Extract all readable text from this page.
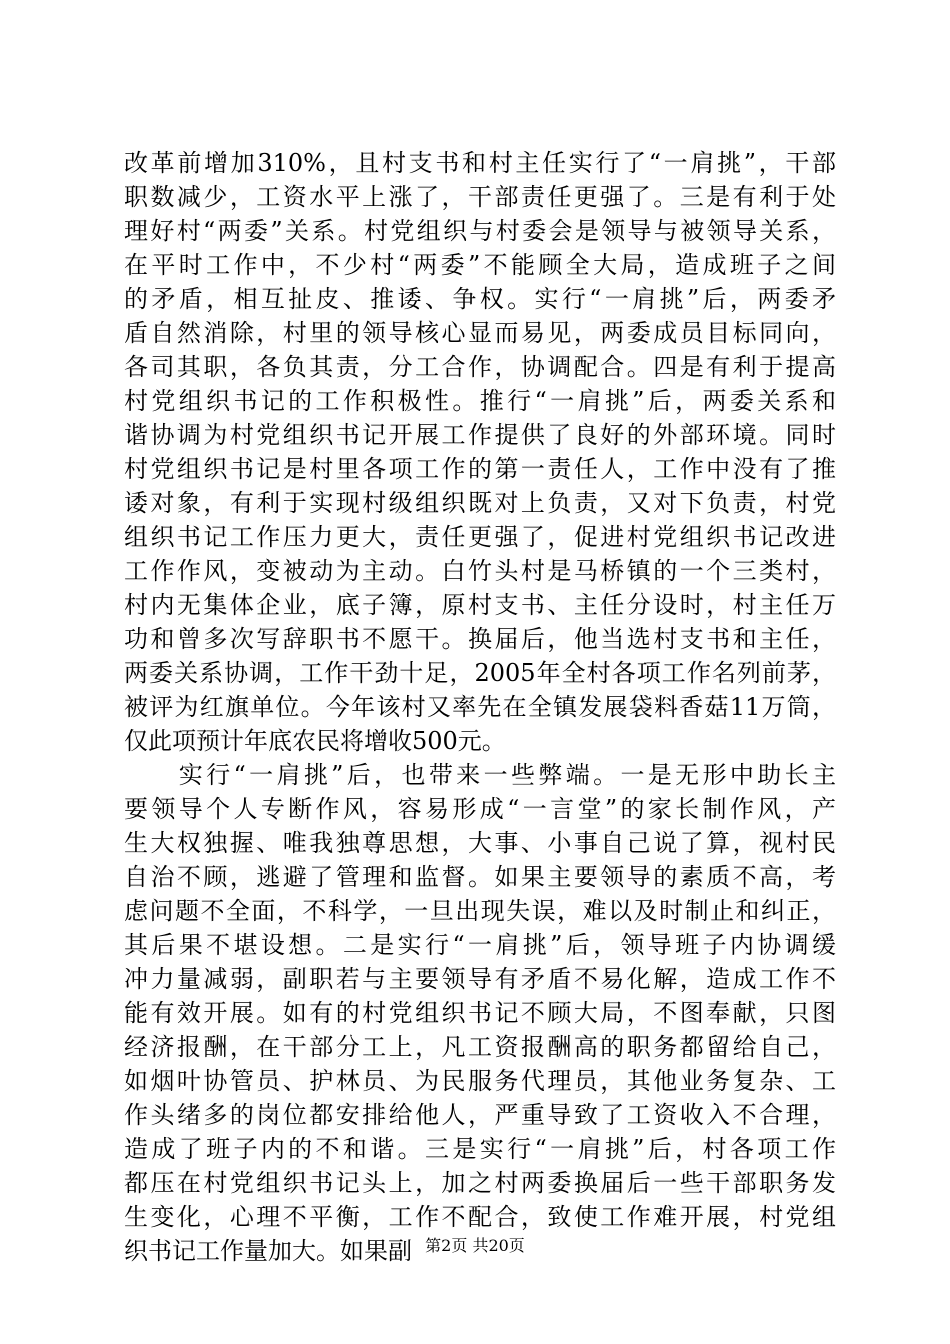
改革前增加310%，且村支书和村主任实行了“一肩挑”，干部
职数减少，工资水平上涨了，干部责任更强了。三是有利于处
理好村“两委”关系。村党组织与村委会是领导与被领导关系，
在平时工作中，不少村“两委”不能顾全大局，造成班子之间
的矛盾，相互扯皮、推诿、争权。实行“一肩挑”后，两委矛
盾自然消除，村里的领导核心显而易见，两委成员目标同向，
各司其职，各负其责，分工合作，协调配合。四是有利于提高
村党组织书记的工作积极性。推行“一肩挑”后，两委关系和
谐协调为村党组织书记开展工作提供了良好的外部环境。同时
村党组织书记是村里各项工作的第一责任人，工作中没有了推
诿对象，有利于实现村级组织既对上负责，又对下负责，村党
组织书记工作压力更大，责任更强了，促进村党组织书记改进
工作作风，变被动为主动。白竹头村是马桥镇的一个三类村，
村内无集体企业，底子簿，原村支书、主任分设时，村主任万
功和曾多次写辞职书不愿干。换届后，他当选村支书和主任，
两委关系协调，工作干劲十足，2005年全村各项工作名列前茅，
被评为红旗单位。今年该村又率先在全镇发展袋料香菇11万筒，
仅此项预计年底农民将增收500元。
　　实行“一肩挑”后，也带来一些弊端。一是无形中助长主
要领导个人专断作风，容易形成“一言堂”的家长制作风，产
生大权独握、唯我独尊思想，大事、小事自己说了算，视村民
自治不顾，逃避了管理和监督。如果主要领导的素质不高，考
虑问题不全面，不科学，一旦出现失误，难以及时制止和纠正，
其后果不堪设想。二是实行“一肩挑”后，领导班子内协调缓
冲力量减弱，副职若与主要领导有矛盾不易化解，造成工作不
能有效开展。如有的村党组织书记不顾大局，不图奉献，只图
经济报酬，在干部分工上，凡工资报酬高的职务都留给自己，
如烟叶协管员、护林员、为民服务代理员，其他业务复杂、工
作头绪多的岗位都安排给他人，严重导致了工资收入不合理，
造成了班子内的不和谐。三是实行“一肩挑”后，村各项工作
都压在村党组织书记头上，加之村两委换届后一些干部职务发
生变化，心理不平衡，工作不配合，致使工作难开展，村党组
织书记工作量加大。如果副 第2页 共20页
